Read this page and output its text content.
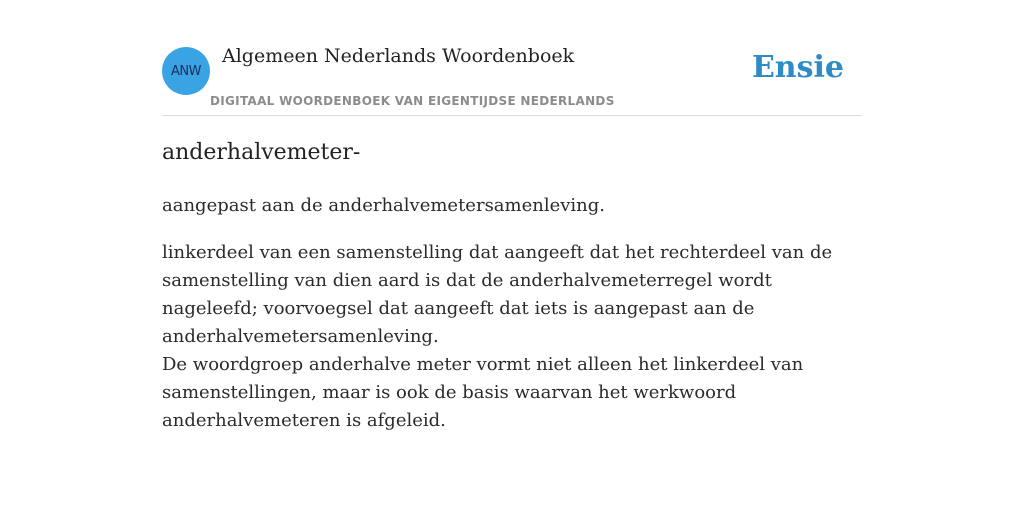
ANW
Algemeen Nederlands Woordenboek
DIGITAAL WOORDENBOEK VAN EIGENTIJDSE NEDERLANDS
Ensie
anderhalvemeter-
aangepast aan de anderhalvemetersamenleving.

linkerdeel van een samenstelling dat aangeeft dat het rechterdeel van de samenstelling van dien aard is dat de anderhalvemeterregel wordt nageleefd; voorvoegsel dat aangeeft dat iets is aangepast aan de anderhalvemetersamenleving.

De woordgroep anderhalve meter vormt niet alleen het linkerdeel van samenstellingen, maar is ook de basis waarvan het werkwoord anderhalvemeteren is afgeleid.
